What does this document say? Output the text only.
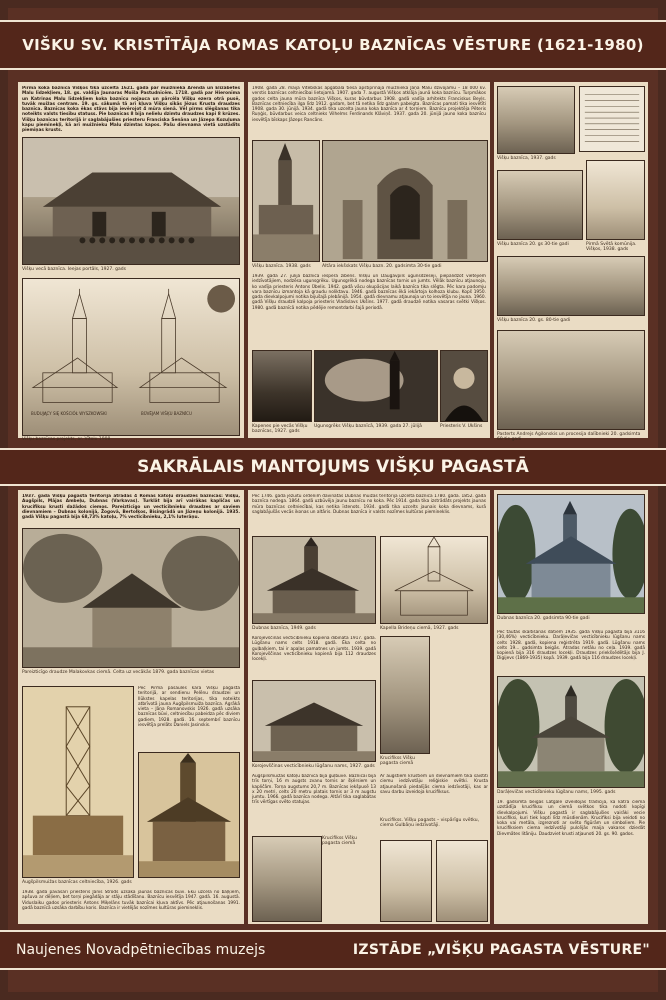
VIŠKU SV. KRISTĪTĀJA ROMAS KATOĻU BAZNĪCAS VĒSTURE (1621-1980)
Pirmā koka baznīca Višķos tika uzcelta 1621. gadā par muižnieka Arenda un Elizabetes Malu līdzekļiem, 18. gs. valdīja Jaunaras Moiša Pastudnīcēm. 1718. gadā par Hieronīma un Katrinas Malu līdzekļiem koka baznīcu nojauca un pārcēla Višķu ezera otrā pusē, tuvāk muižas centram. 19. gs. sākumā tā arī kļuva Višķu sīkās Jēzus Krusta draudzes baznīca. Baznīcas koka ēkas stāvs bija ievērojot 4 mūra sienā. Vēl pirms slēgšanas tika noteikts valsts tiesību statuss. Pie baznīcas 8 bija nelielu dzimtu draudzes kapi 8 krūzes. Višķu baznīcas teritorijā ir saglabājušies priesteru Franciska Senāna un Jāzepa Kozuļuma kapu pieminekļi, kā arī muižnieku Malu dzimtas kapos. Pašu dievnama vietā uzstādīts piemiņas krusts.
Višķu vecā baznīca. Ieejas portāls, 1927. gads
BUDUJĄCY SIĘ KOŚCIÓŁ WYSZKOWSKI	BŪVĒJAM VIŠĶU BAZNĪCU
Višķu baznīcas projekts, ar. Vītolu 1908
1908. gadā 28. maijā Vitebskas apgabala tiesa apstiprināja muižnieka Jāņa Malu dzīvojamu – 18 000 kv. verstis baznīcas celtniecībai lietojamā. 1907. gada 7. augustā Višķos atklāja jaunā koka baznīcu. Turpmākos gados celta jauna mūra baznīca Višķos, kuras būvdarbus 1908. gadā vadīja arhitekts Franciskus Beyļs. Baznīcas celtniecība ilga līdz 1912. gadam, bet tā netika līdz galam pabeigta. Baznīcas pamati tika iesvētīti 1908. gada 30. jūnijā. 1934. gadā tika uzcelta jauna koka baznīca ar 4 torņiem. Baznīcu projektēja Pēteris Ruņģis, būvdarbus veica celtnieks Vilhelms Ferdinands Klāviņš. 1937. gada 20. jūnijā jauno koka baznīcu iesvētīja bīskaps Jāzeps Rancāns.
Višķu baznīca. 1938. gads	Altāra iekšskats Višķu bazn. 20. gadsimta 30-tie gadi
1939. gadā 27. jūlijā baznīcā iespēra zibens. Višķu un Daugavpils ugunsdzēsēji, piepalīdzot vietējiem iedzīvotājiem, nodzēsa ugunsgrēku. Ugunsgrēkā nodega baznīcas tornis un jumts. Vēlāk baznīcu atjaunoja, ko vadīja priesteris Antons Ūbelis. 1942. gadā vācu okupācijas laikā baznīca tika slēgta. Pēc kara padomju vara baznīcu izmantoja kā graudu noliktavu. 1946. gadā baznīcas ēkā iekārtoja kolhoza klubu. Kopš 1950. gada dievkalpojumi notika bijušajā plebānijā. 1954. gadā dievnamu atjaunoja un to iesvētīja no jauna. 1960. gadā Višķu draudzē kalpoja priesteris Vladislavs Ukšins. 1977. gadā draudzē notika vasaras svētki Višķos. 1980. gadā baznīcā notika pēdējie remontdarbi šajā periodā.
Kapenes pie vecās Višķu baznīcas, 1927. gads
Ugunsgrēks Višķu baznīcā, 1939. gada 27. jūlijā	Priesteris V. Ukšins
Višķu baznīca, 1937. gads
Višķu baznīca 20. gs 30-tie gadi	Pirmā Svētā komūnija. Višķos, 1938. gads
Višķu baznīca 20. gs. 80-tie gadi
Pasterts Andrejs Agilonskis un procesija dalībnieki 20. gadsimta 60-tie gadi
SAKRĀLAIS MANTOJUMS VIŠĶU PAGASTĀ
1937. gadā Višķu pagasta teritorijā atradās 4 Romas katoļu draudzes baznīcas: Višķu, Augšpils, Mājas Ambeļu, Dubnas (Varkavas). Turklāt bija arī vairākas kapličas un krucifiksu krusti dažādos ciemos. Pareizticīgo un vecticībnieku draudzes ar saviem dievnamiem – Dubnas kolonijā, Žogovā, Bertolķos, Bisingrādā un Jāzeņu kolonijā. 1935. gadā Višķu pagastā bija 68,73% katoļu, 7% vecticībnieku, 2,1% luterāņu.
Pareizticīgo draudze Malakovkas ciemā. Celta uz vecākās 1879. gada baznīcas vietas
Augšpilsmuižas baznīcas celtniecība, 1926. gads
Pēc Pirmā pasaules kara Višķu pagasta teritorijā, ar sendienu Pelēnu draudzei un Ilūkstes kapelas teritorijas, tika noteikts atbrīvotā jauna Augšpilsmuiža baznīca. Agrākā vieta – Jāņa Romanovskis 1926. gadā uzsāka baznīcas būvi, celtniecību pabeidza pēc diviem gadiem, 1928. gadā. 16. septembrī baznīcu iesvētīja prelāts Daniels Jasinskis.
1938. gadā pavasarī priesteris Jānis Strods uzsāka jaunas baznīcas būvi. Ēku uzcēla no baļķiem, apšuva ar dēļiem, bet torņi piegādāja ar stāju stādīšanu. Baznīcu iesvētīja 1947. gadā. 16. augustā. Viduslaiku gados priesteris Antons Miķelāns tuvāk baznīcai kļuva aktīvs. Pēc atjaunošanas 1991. gadā baznīcā uzsāka darbību koris. Baznīca ir vietējās nozīmes kultūras piemineklis.
Pēc 1746. gada jezuītu ordenim dāvinātās Dubnas muižas teritorijā uzcelta baznīca 1780. gadā. 1852. gadā baznīca nodega. 1864. gadā uzbūvēja jaunu baznīcu no koka. Pēc 1914. gada tika izstrādāts projekts jaunas mūra baznīcas celtniecībai, kas netika īstenots. 1934. gadā tika uzcelts jaunais koka dievnams, kurā saglabājušās vecās ikonas un altāris. Dubnas baznīca ir valsts nozīmes kultūras piemineklis.
Dubnas baznīca, 1949. gads	Kapella Brideņu ciemā, 1927. gads
Korojevščinas vecticībnieku kopienā dibināta 1917. gadā. Lūgšanu nams celts 1918. gadā. Ēka celta no guļbaļķiem, tai ir apaļas pamatnes un jumts. 1939. gadā Korojevščinas vecticībnieku kopienā bija 112 draudzes locekļi.
Korojevščinas vecticībnieku lūgšanu nams, 1927. gads
Krucifikss Višķu pagasta ciemā
Augšpilsmuižas katoļu baznīca bija guļbūve. Baznīcai bija trīs torņi, 16 m augsts zvanu tornis ar šķērsiem un kapličām. Torņa augstums 20,7 m. Baznīcas iekšpusē 13 x 20 metri, celts 20 metru platais tornis ar 3 m augstu jumtu. 1966. gadā baznīca nodega. Altārī tika saglabātas trīs vērtīgas svēto statujas.
Krucifikss Višķu pagasta ciemā
Ar augstiem krustiem un dievnamiem tika saistīti ciemu iedzīvotāju reliģiskie svētki. Krusta atjaunošanā piedalījās ciema iedzīvotāji, kas ar savu darbu izveidoja krucifiksus.
Krucifikss. Višķu pagasts – vispārīgu svētku, ciema Gulbāņu iedzīvotāji.
Dubnas baznīca 20. gadsimta 90-tie gadi
Pēc tautas skaitīšanas datiem 1935. gadā Višķu pagastā bija 3116 (30,46%) vecticībnieku. Darāļevičas vecticībnieku lūgšanu nams celts 1928. gadā, kopiena reģistrēta 1919. gadā. Lūgšanu nams celts 19... gadsimta beigās. Atradas netālu no ceļa. 1939. gadā kopienā bija 316 draudzes locekļi. Draudzes priekšsēdētājs bija J. Digijevs (1869-1935) kopā. 1939. gadā bija 116 draudzes locekļi.
Darāļevičas vecticībnieku lūgšanu nams, 1995. gads
19. gadsimta beigās Latgalē izveidojās tradīcija, ka katrā ciemā uzstādīja krucifiksu un ciemā svētkos tika nodoti kopīgi dievkalpojumi. Višķu pagastā ir saglabājušies vairāki vecie krucifiksi, kuri tiek kopti līdz mūsdienām. Krucifiksi bija veidoti no koka vai metāla, izgreznoti ar svēto figūrām un simboliem. Pie krucifiksiem ciema iedzīvotāji pulcējās maija vakaros dziedāt Dievmātes litāniju. Daudzviet krusti atjaunoti 20. gs. 90. gados.
Naujenes Novadpētniecības muzejs	IZSTĀDE „VIŠĶU PAGASTA VĒSTURE"
